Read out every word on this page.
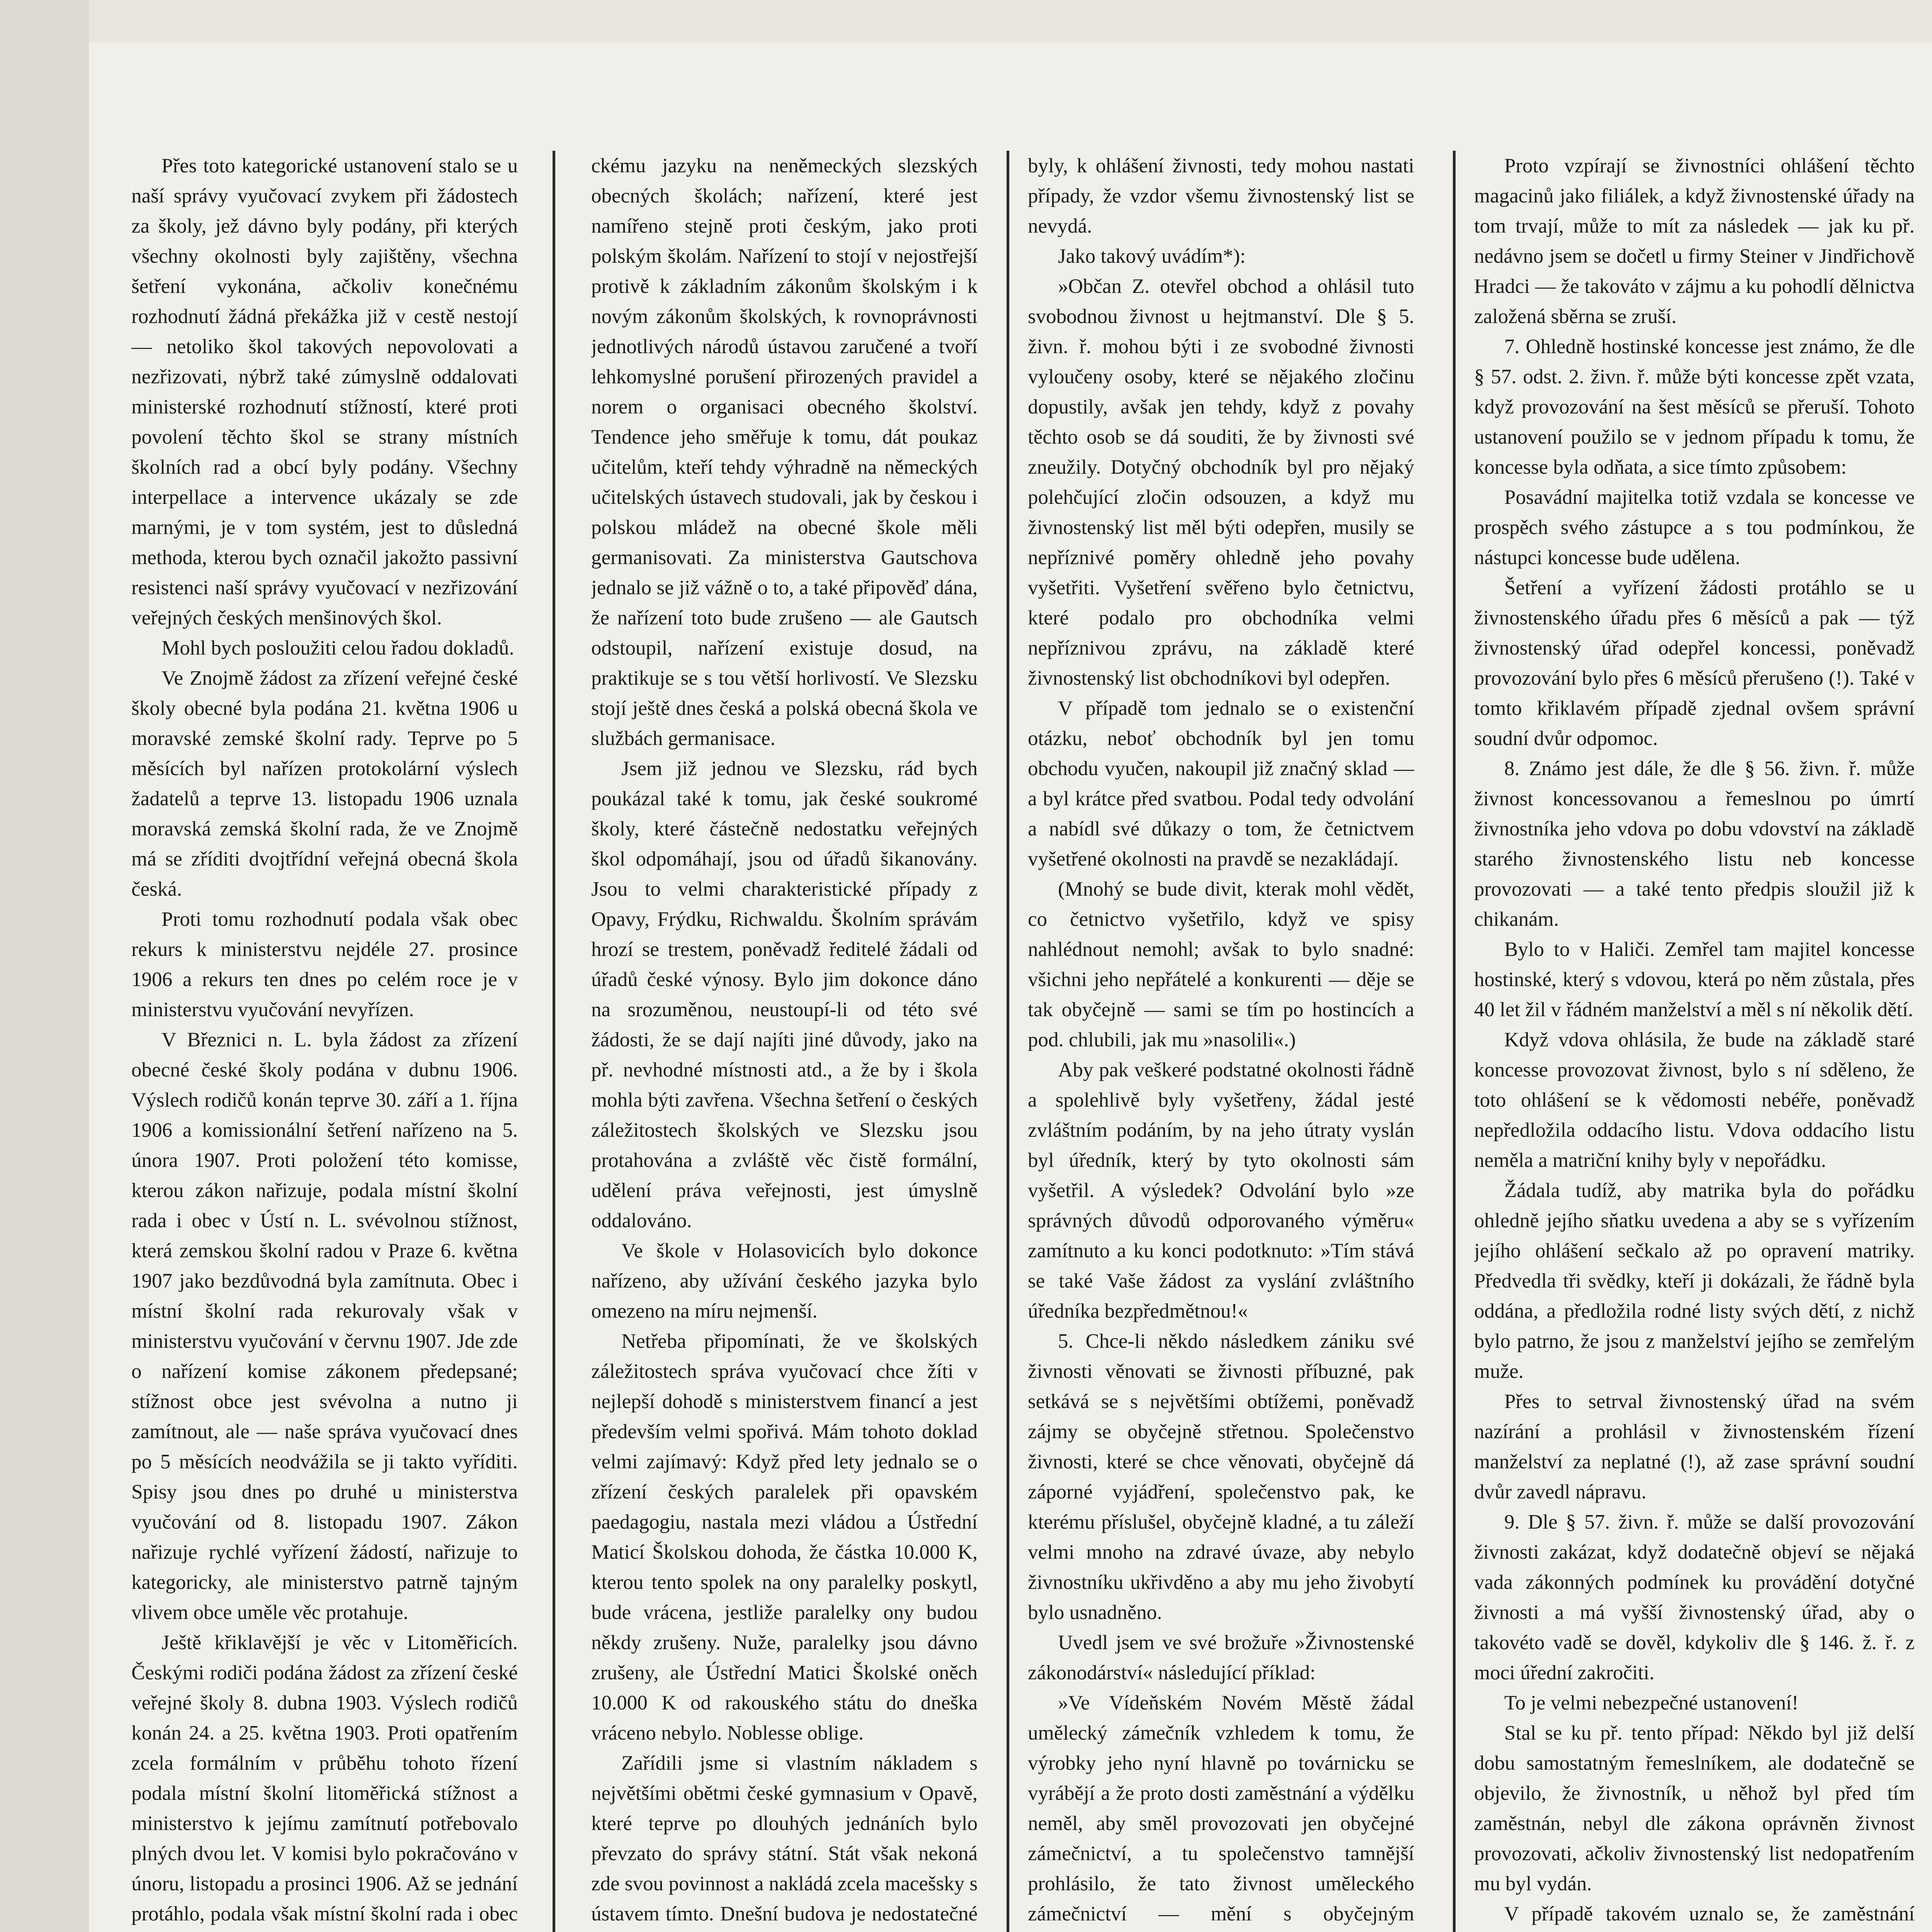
Přes toto kategorické ustanovení stalo se u naší správy vyučovací zvykem při žádostech za školy, jež dávno byly podány, při kterých všechny okolnosti byly zajištěny, všechna šetření vykonána, ačkoliv konečnému rozhodnutí žádná překážka již v cestě nestojí — netoliko škol takových nepovolovati a nezřizovati, nýbrž také zúmyslně oddalovati ministerské rozhodnutí stížností, které proti povolení těchto škol se strany místních školních rad a obcí byly podány. Všechny interpellace a intervence ukázaly se zde marnými, je v tom systém, jest to důsledná methoda, kterou bych označil jakožto passivní resistenci naší správy vyučovací v nezřizování veřejných českých menšinových škol.

Mohl bych posloužiti celou řadou dokladů.

Ve Znojmě žádost za zřízení veřejné české školy obecné byla podána 21. května 1906 u moravské zemské školní rady. Teprve po 5 měsících byl nařízen protokolární výslech žadatelů a teprve 13. listopadu 1906 uznala moravská zemská školní rada, že ve Znojmě má se zříditi dvojtřídní veřejná obecná škola česká.

Proti tomu rozhodnutí podala však obec rekurs k ministerstvu nejdéle 27. prosince 1906 a rekurs ten dnes po celém roce je v ministerstvu vyučování nevyřízen.

V Březnici n. L. byla žádost za zřízení obecné české školy podána v dubnu 1906. Výslech rodičů konán teprve 30. září a 1. října 1906 a komissionální šetření nařízeno na 5. února 1907. Proti položení této komisse, kterou zákon nařizuje, podala místní školní rada i obec v Ústí n. L. svévolnou stížnost, která zemskou školní radou v Praze 6. května 1907 jako bezdůvodná byla zamítnuta. Obec i místní školní rada rekurovaly však v ministerstvu vyučování v červnu 1907. Jde zde o nařízení komise zákonem předepsané; stížnost obce jest svévolna a nutno ji zamítnout, ale — naše správa vyučovací dnes po 5 měsících neodvážila se ji takto vyříditi. Spisy jsou dnes po druhé u ministerstva vyučování od 8. listopadu 1907. Zákon nařizuje rychlé vyřízení žádostí, nařizuje to kategoricky, ale ministerstvo patrně tajným vlivem obce uměle věc protahuje.

Ještě křiklavější je věc v Litoměřicích. Českými rodiči podána žádost za zřízení české veřejné školy 8. dubna 1903. Výslech rodičů konán 24. a 25. května 1903. Proti opatřením zcela formálním v průběhu tohoto řízení podala místní školní litoměřická stížnost a ministerstvo k jejímu zamítnutí potřebovalo plných dvou let. V komisi bylo pokračováno v únoru, listopadu a prosinci 1906. Až se jednání protáhlo, podala však místní školní rada i obec

ckému jazyku na neněmeckých slezských obecných školách; nařízení, které jest namířeno stejně proti českým, jako proti polským školám. Nařízení to stojí v nejostřejší protivě k základním zákonům školským i k novým zákonům školských, k rovnoprávnosti jednotlivých národů ústavou zaručené a tvoří lehkomyslné porušení přirozených pravidel a norem o organisaci obecného školství. Tendence jeho směřuje k tomu, dát poukaz učitelům, kteří tehdy výhradně na německých učitelských ústavech studovali, jak by českou i polskou mládež na obecné škole měli germanisovati. Za ministerstva Gautschova jednalo se již vážně o to, a také připověď dána, že nařízení toto bude zrušeno — ale Gautsch odstoupil, nařízení existuje dosud, na praktikuje se s tou větší horlivostí. Ve Slezsku stojí ještě dnes česká a polská obecná škola ve službách germanisace.

Jsem již jednou ve Slezsku, rád bych poukázal také k tomu, jak české soukromé školy, které částečně nedostatku veřejných škol odpomáhají, jsou od úřadů šikanovány. Jsou to velmi charakteristické případy z Opavy, Frýdku, Richwaldu. Školním správám hrozí se trestem, poněvadž ředitelé žádali od úřadů české výnosy. Bylo jim dokonce dáno na srozuměnou, neustoupí-li od této své žádosti, že se dají najíti jiné důvody, jako na př. nevhodné místnosti atd., a že by i škola mohla býti zavřena. Všechna šetření o českých záležitostech školských ve Slezsku jsou protahována a zvláště věc čistě formální, udělení práva veřejnosti, jest úmyslně oddalováno.

Ve škole v Holasovicích bylo dokonce nařízeno, aby užívání českého jazyka bylo omezeno na míru nejmenší.

Netřeba připomínati, že ve školských záležitostech správa vyučovací chce žíti v nejlepší dohodě s ministerstvem financí a jest především velmi spořivá. Mám tohoto doklad velmi zajímavý: Když před lety jednalo se o zřízení českých paralelek při opavském paedagogiu, nastala mezi vládou a Ústřední Maticí Školskou dohoda, že částka 10.000 K, kterou tento spolek na ony paralelky poskytl, bude vrácena, jestliže paralelky ony budou někdy zrušeny. Nuže, paralelky jsou dávno zrušeny, ale Ústřední Matici Školské oněch 10.000 K od rakouského státu do dneška vráceno nebylo. Noblesse oblige.

Zařídili jsme si vlastním nákladem s největšími obětmi české gymnasium v Opavě, které teprve po dlouhých jednáních bylo převzato do správy státní. Stát však nekoná zde svou povinnost a nakládá zcela macešsky s ústavem tímto. Dnešní budova je nedostatečné

byly, k ohlášení živnosti, tedy mohou nastati případy, že vzdor všemu živnostenský list se nevydá.

Jako takový uvádím*):

»Občan Z. otevřel obchod a ohlásil tuto svobodnou živnost u hejtmanství. Dle § 5. živn. ř. mohou býti i ze svobodné živnosti vyloučeny osoby, které se nějakého zločinu dopustily, avšak jen tehdy, když z povahy těchto osob se dá souditi, že by živnosti své zneužily. Dotyčný obchodník byl pro nějaký polehčující zločin odsouzen, a když mu živnostenský list měl býti odepřen, musily se nepříznivé poměry ohledně jeho povahy vyšetřiti. Vyšetření svěřeno bylo četnictvu, které podalo pro obchodníka velmi nepříznivou zprávu, na základě které živnostenský list obchodníkovi byl odepřen.

V případě tom jednalo se o existenční otázku, neboť obchodník byl jen tomu obchodu vyučen, nakoupil již značný sklad — a byl krátce před svatbou. Podal tedy odvolání a nabídl své důkazy o tom, že četnictvem vyšetřené okolnosti na pravdě se nezakládají.

(Mnohý se bude divit, kterak mohl vědět, co četnictvo vyšetřilo, když ve spisy nahlédnout nemohl; avšak to bylo snadné: všichni jeho nepřátelé a konkurenti — děje se tak obyčejně — sami se tím po hostincích a pod. chlubili, jak mu »nasolili«.)

Aby pak veškeré podstatné okolnosti řádně a spolehlivě byly vyšetřeny, žádal jesté zvláštním podáním, by na jeho útraty vyslán byl úředník, který by tyto okolnosti sám vyšetřil. A výsledek? Odvolání bylo »ze správných důvodů odporovaného výměru« zamítnuto a ku konci podotknuto: »Tím stává se také Vaše žádost za vyslání zvláštního úředníka bezpředmětnou!«

5. Chce-li někdo následkem zániku své živnosti věnovati se živnosti příbuzné, pak setkává se s největšími obtížemi, poněvadž zájmy se obyčejně střetnou. Společenstvo živnosti, které se chce věnovati, obyčejně dá záporné vyjádření, společenstvo pak, ke kterému příslušel, obyčejně kladné, a tu záleží velmi mnoho na zdravé úvaze, aby nebylo živnostníku ukřivděno a aby mu jeho živobytí bylo usnadněno.

Uvedl jsem ve své brožuře »Živnostenské zákonodárství« následující příklad:

»Ve Vídeňském Novém Městě žádal umělecký zámečník vzhledem k tomu, že výrobky jeho nyní hlavně po továrnicku se vyrábějí a že proto dosti zaměstnání a výdělku neměl, aby směl provozovati jen obyčejné zámečnictví, a tu společenstvo tamnější prohlásilo, že tato živnost uměleckého zámečnictví — mění s obyčejným

Proto vzpírají se živnostníci ohlášení těchto magacinů jako filiálek, a když živnostenské úřady na tom trvají, může to mít za následek — jak ku př. nedávno jsem se dočetl u firmy Steiner v Jindřichově Hradci — že takováto v zájmu a ku pohodlí dělnictva založená sběrna se zruší.

7. Ohledně hostinské koncesse jest známo, že dle § 57. odst. 2. živn. ř. může býti koncesse zpět vzata, když provozování na šest měsíců se přeruší. Tohoto ustanovení použilo se v jednom případu k tomu, že koncesse byla odňata, a sice tímto způsobem:

Posavádní majitelka totiž vzdala se koncesse ve prospěch svého zástupce a s tou podmínkou, že nástupci koncesse bude udělena.

Šetření a vyřízení žádosti protáhlo se u živnostenského úřadu přes 6 měsíců a pak — týž živnostenský úřad odepřel koncessi, poněvadž provozování bylo přes 6 měsíců přerušeno (!). Také v tomto křiklavém případě zjednal ovšem správní soudní dvůr odpomoc.

8. Známo jest dále, že dle § 56. živn. ř. může živnost koncessovanou a řemeslnou po úmrtí živnostníka jeho vdova po dobu vdovství na základě starého živnostenského listu neb koncesse provozovati — a také tento předpis sloužil již k chikanám.

Bylo to v Haliči. Zemřel tam majitel koncesse hostinské, který s vdovou, která po něm zůstala, přes 40 let žil v řádném manželství a měl s ní několik dětí.

Když vdova ohlásila, že bude na základě staré koncesse provozovat živnost, bylo s ní sděleno, že toto ohlášení se k vědomosti nebéře, poněvadž nepředložila oddacího listu. Vdova oddacího listu neměla a matriční knihy byly v nepořádku.

Žádala tudíž, aby matrika byla do pořádku ohledně jejího sňatku uvedena a aby se s vyřízením jejího ohlášení sečkalo až po opravení matriky. Předvedla tři svědky, kteří ji dokázali, že řádně byla oddána, a předložila rodné listy svých dětí, z nichž bylo patrno, že jsou z manželství jejího se zemřelým muže.

Přes to setrval živnostenský úřad na svém nazírání a prohlásil v živnostenském řízení manželství za neplatné (!), až zase správní soudní dvůr zavedl nápravu.

9. Dle § 57. živn. ř. může se další provozování živnosti zakázat, když dodatečně objeví se nějaká vada zákonných podmínek ku provádění dotyčné živnosti a má vyšší živnostenský úřad, aby o takovéto vadě se dověl, kdykoliv dle § 146. ž. ř. z moci úřední zakročiti.

To je velmi nebezpečné ustanovení!

Stal se ku př. tento případ: Někdo byl již delší dobu samostatným řemeslníkem, ale dodatečně se objevilo, že živnostník, u něhož byl před tím zaměstnán, nebyl dle zákona oprávněn živnost provozovati, ačkoliv živnostenský list nedopatřením mu byl vydán.

V případě takovém uznalo se, že zaměstnání
